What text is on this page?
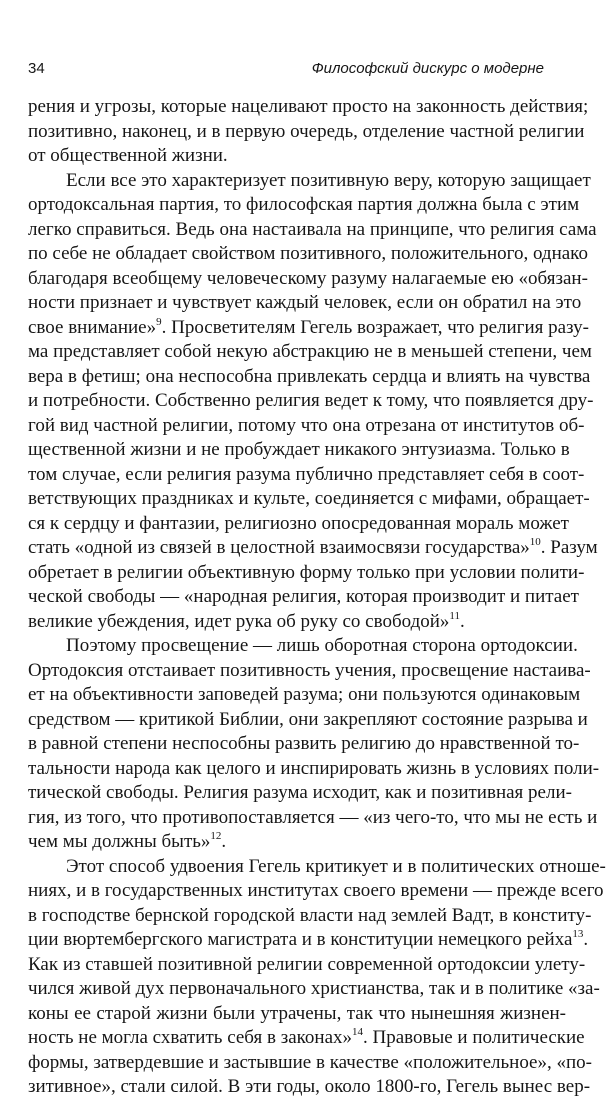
34	Философский дискурс о модерне
рения и угрозы, которые нацеливают просто на законность действия;
позитивно, наконец, и в первую очередь, отделение частной религии
от общественной жизни.
Если все это характеризует позитивную веру, которую защищает
ортодоксальная партия, то философская партия должна была с этим
легко справиться. Ведь она настаивала на принципе, что религия сама
по себе не обладает свойством позитивного, положительного, однако
благодаря всеобщему человеческому разуму налагаемые ею «обязан-
ности признает и чувствует каждый человек, если он обратил на это
свое внимание»$^9$. Просветителям Гегель возражает, что религия разу-
ма представляет собой некую абстракцию не в меньшей степени, чем
вера в фетиш; она неспособна привлекать сердца и влиять на чувства
и потребности. Собственно религия ведет к тому, что появляется дру-
гой вид частной религии, потому что она отрезана от институтов об-
щественной жизни и не пробуждает никакого энтузиазма. Только в
том случае, если религия разума публично представляет себя в соот-
ветствующих праздниках и культе, соединяется с мифами, обращает-
ся к сердцу и фантазии, религиозно опосредованная мораль может
стать «одной из связей в целостной взаимосвязи государства»$^{10}$. Разум
обретает в религии объективную форму только при условии полити-
ческой свободы — «народная религия, которая производит и питает
великие убеждения, идет рука об руку со свободой»$^{11}$.
Поэтому просвещение — лишь оборотная сторона ортодоксии.
Ортодоксия отстаивает позитивность учения, просвещение настаива-
ет на объективности заповедей разума; они пользуются одинаковым
средством — критикой Библии, они закрепляют состояние разрыва и
в равной степени неспособны развить религию до нравственной то-
тальности народа как целого и инспирировать жизнь в условиях поли-
тической свободы. Религия разума исходит, как и позитивная рели-
гия, из того, что противопоставляется — «из чего-то, что мы не есть и
чем мы должны быть»$^{12}$.
Этот способ удвоения Гегель критикует и в политических отноше-
ниях, и в государственных институтах своего времени — прежде всего
в господстве бернской городской власти над землей Вадт, в конститу-
ции вюртембергского магистрата и в конституции немецкого рейха$^{13}$.
Как из ставшей позитивной религии современной ортодоксии улету-
чился живой дух первоначального христианства, так и в политике «за-
коны ее старой жизни были утрачены, так что нынешняя жизнен-
ность не могла схватить себя в законах»$^{14}$. Правовые и политические
формы, затвердевшие и застывшие в качестве «положительное», «по-
зитивное», стали силой. В эти годы, около 1800-го, Гегель вынес вер-
